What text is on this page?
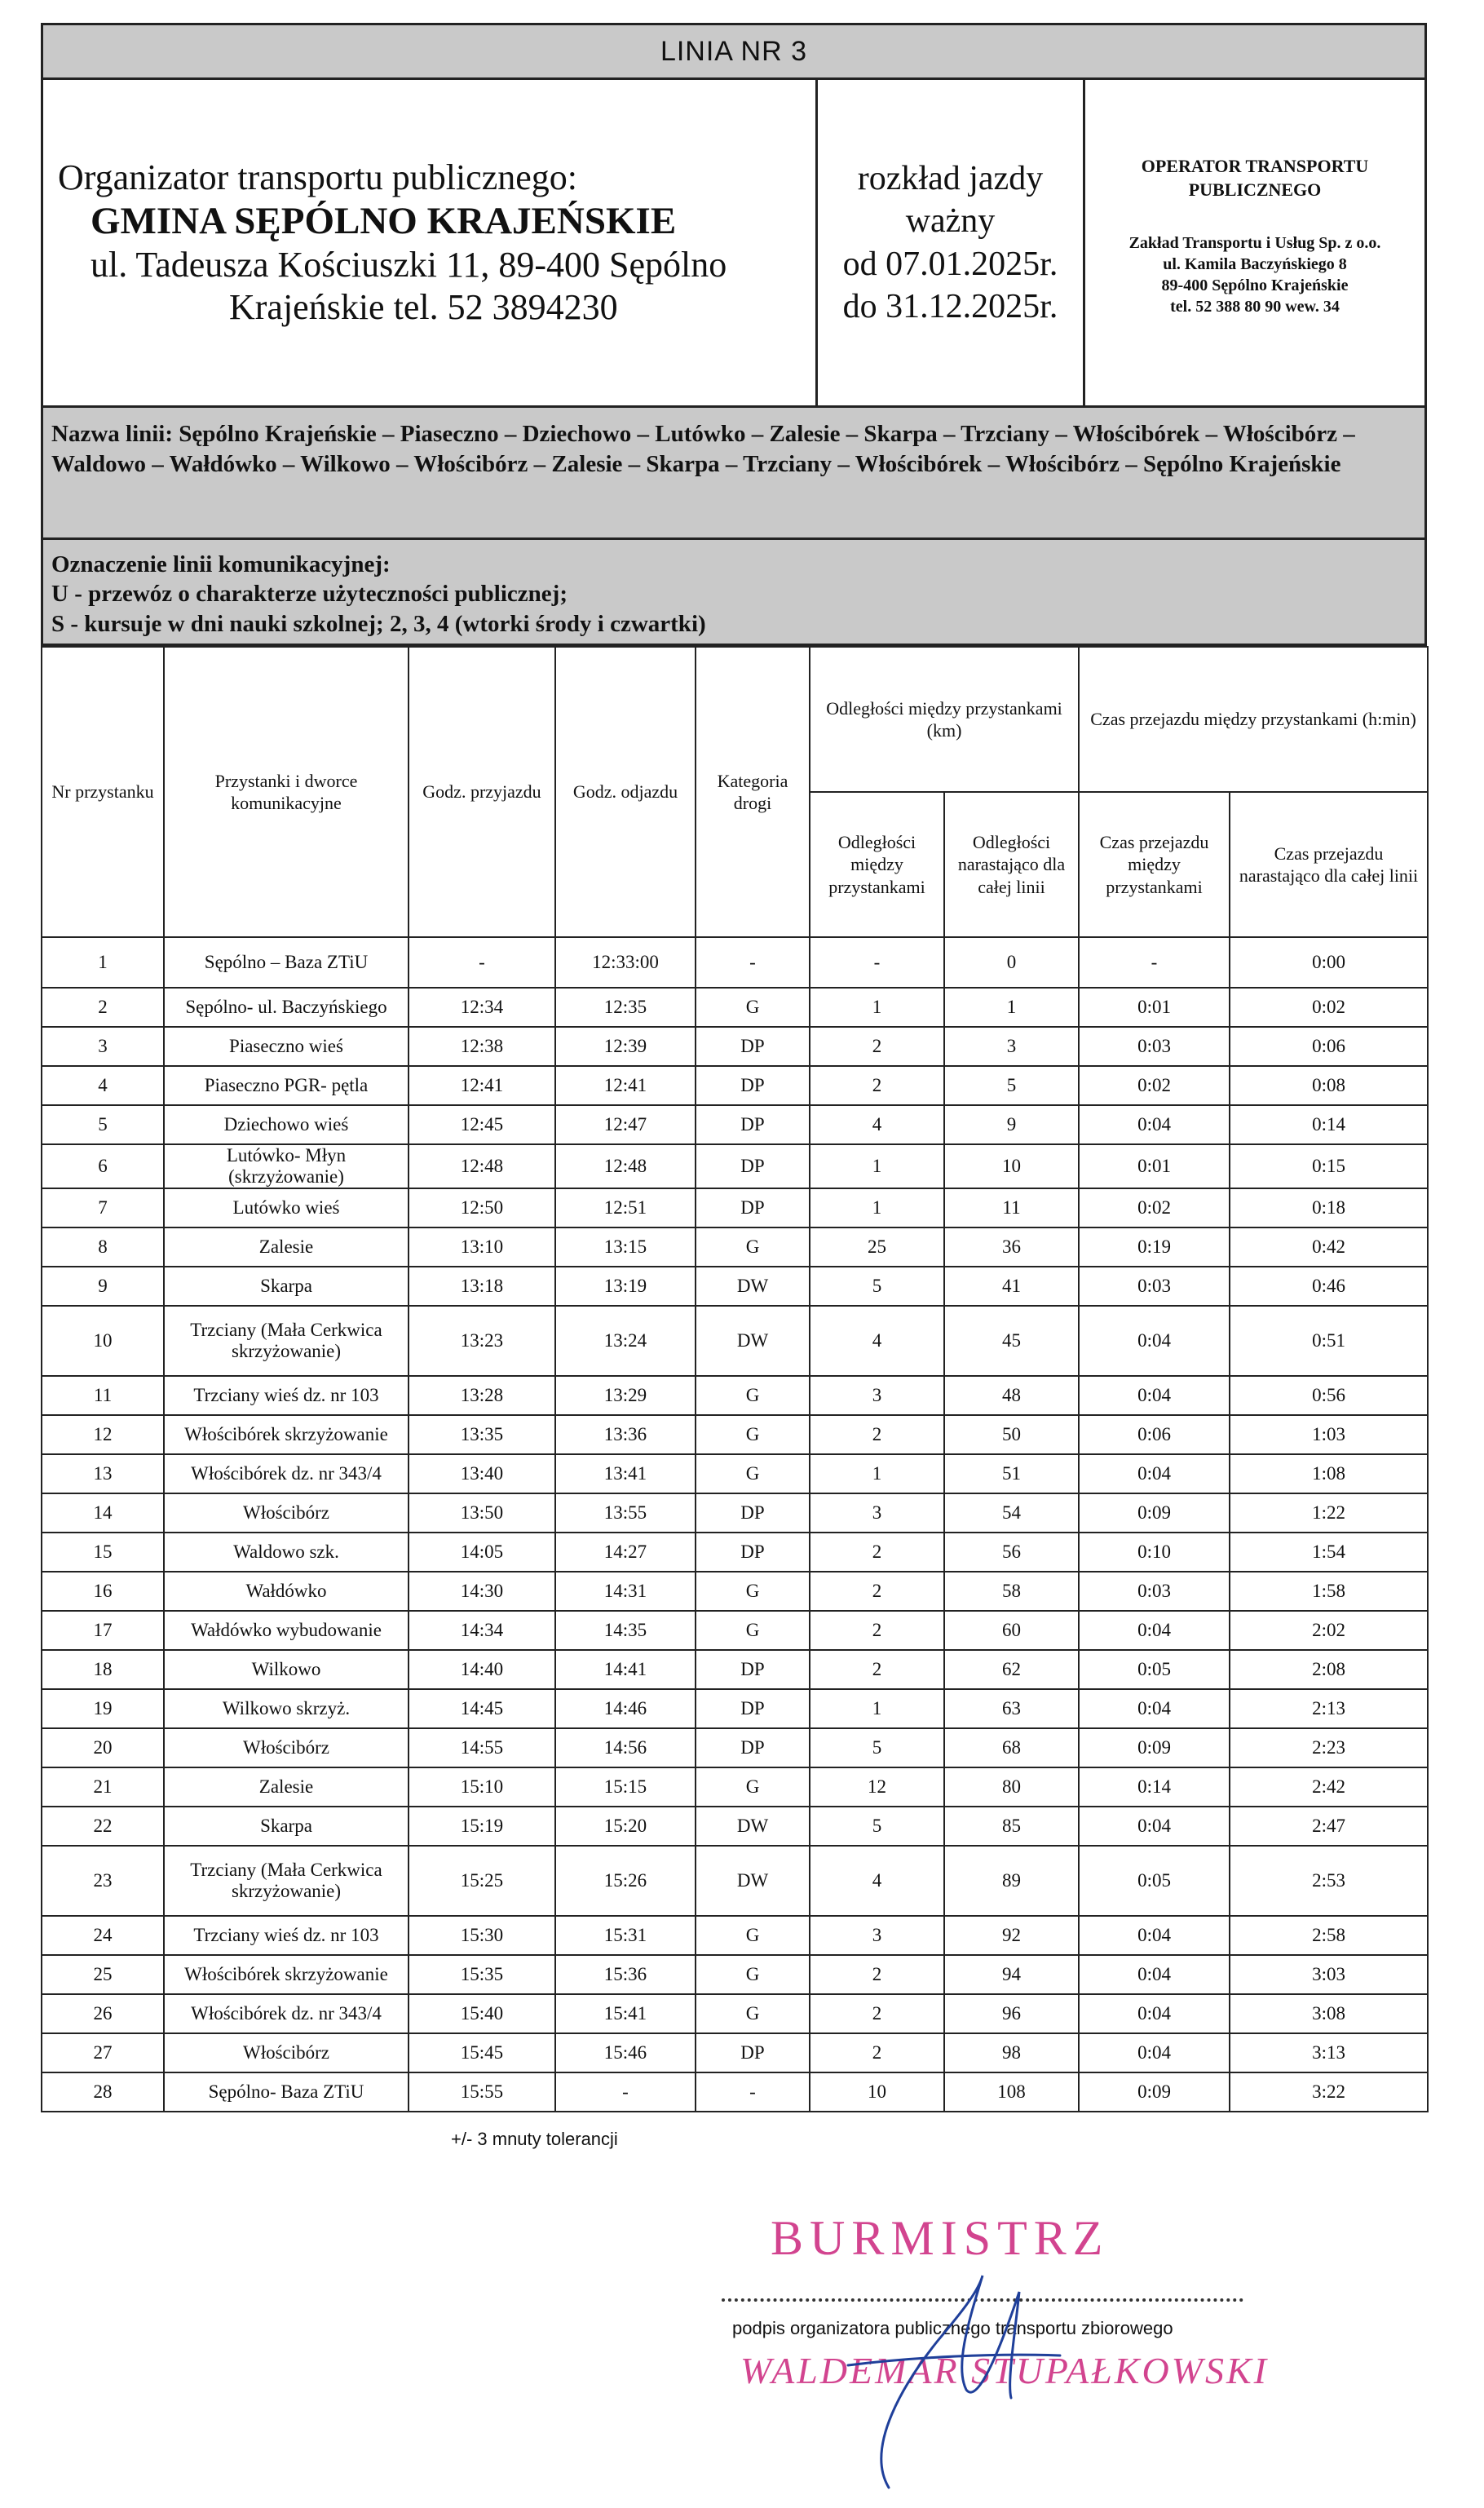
LINIA NR 3
Organizator transportu publicznego:
GMINA SĘPÓLNO KRAJEŃSKIE
ul. Tadeusza Kościuszki 11, 89-400 Sępólno
Krajeńskie tel. 52 3894230
rozkład jazdy
ważny
od 07.01.2025r.
do 31.12.2025r.
OPERATOR TRANSPORTU PUBLICZNEGO
Zakład Transportu i Usług Sp. z o.o.
ul. Kamila Baczyńskiego 8
89-400 Sępólno Krajeńskie
tel. 52 388 80 90 wew. 34
Nazwa linii: Sępólno Krajeńskie – Piaseczno – Dziechowo – Lutówko – Zalesie – Skarpa – Trzciany – Włościbórek – Włościbórz – Waldowo – Wałdówko – Wilkowo – Włościbórz – Zalesie – Skarpa – Trzciany – Włościbórek – Włościbórz – Sępólno Krajeńskie
Oznaczenie linii komunikacyjnej:
U - przewóz o charakterze użyteczności publicznej;
S - kursuje w dni nauki szkolnej; 2, 3, 4 (wtorki środy i czwartki)
Nr przystanku	Przystanki i dworce komunikacyjne	Godz. przyjazdu	Godz. odjazdu	Kategoria drogi	Odległości między przystankami (km)		Czas przejazdu między przystankami (h:min)	
					Odległości między przystankami	Odległości narastająco dla całej linii	Czas przejazdu między przystankami	Czas przejazdu narastająco dla całej linii
1	Sępólno – Baza ZTiU	-	12:33:00	-	-	0	-	0:00
2	Sępólno- ul. Baczyńskiego	12:34	12:35	G	1	1	0:01	0:02
3	Piaseczno wieś	12:38	12:39	DP	2	3	0:03	0:06
4	Piaseczno PGR- pętla	12:41	12:41	DP	2	5	0:02	0:08
5	Dziechowo wieś	12:45	12:47	DP	4	9	0:04	0:14
6	Lutówko- Młyn (skrzyżowanie)	12:48	12:48	DP	1	10	0:01	0:15
7	Lutówko wieś	12:50	12:51	DP	1	11	0:02	0:18
8	Zalesie	13:10	13:15	G	25	36	0:19	0:42
9	Skarpa	13:18	13:19	DW	5	41	0:03	0:46
10	Trzciany (Mała Cerkwica skrzyżowanie)	13:23	13:24	DW	4	45	0:04	0:51
11	Trzciany wieś dz. nr 103	13:28	13:29	G	3	48	0:04	0:56
12	Włościbórek skrzyżowanie	13:35	13:36	G	2	50	0:06	1:03
13	Włościbórek dz. nr 343/4	13:40	13:41	G	1	51	0:04	1:08
14	Włościbórz	13:50	13:55	DP	3	54	0:09	1:22
15	Waldowo szk.	14:05	14:27	DP	2	56	0:10	1:54
16	Wałdówko	14:30	14:31	G	2	58	0:03	1:58
17	Wałdówko wybudowanie	14:34	14:35	G	2	60	0:04	2:02
18	Wilkowo	14:40	14:41	DP	2	62	0:05	2:08
19	Wilkowo skrzyż.	14:45	14:46	DP	1	63	0:04	2:13
20	Włościbórz	14:55	14:56	DP	5	68	0:09	2:23
21	Zalesie	15:10	15:15	G	12	80	0:14	2:42
22	Skarpa	15:19	15:20	DW	5	85	0:04	2:47
23	Trzciany (Mała Cerkwica skrzyżowanie)	15:25	15:26	DW	4	89	0:05	2:53
24	Trzciany wieś dz. nr 103	15:30	15:31	G	3	92	0:04	2:58
25	Włościbórek skrzyżowanie	15:35	15:36	G	2	94	0:04	3:03
26	Włościbórek dz. nr 343/4	15:40	15:41	G	2	96	0:04	3:08
27	Włościbórz	15:45	15:46	DP	2	98	0:04	3:13
28	Sępólno- Baza ZTiU	15:55	-	-	10	108	0:09	3:22
+/- 3 mnuty tolerancji
BURMISTRZ
podpis organizatora publicznego transportu zbiorowego
WALDEMAR STUPAŁKOWSKI
